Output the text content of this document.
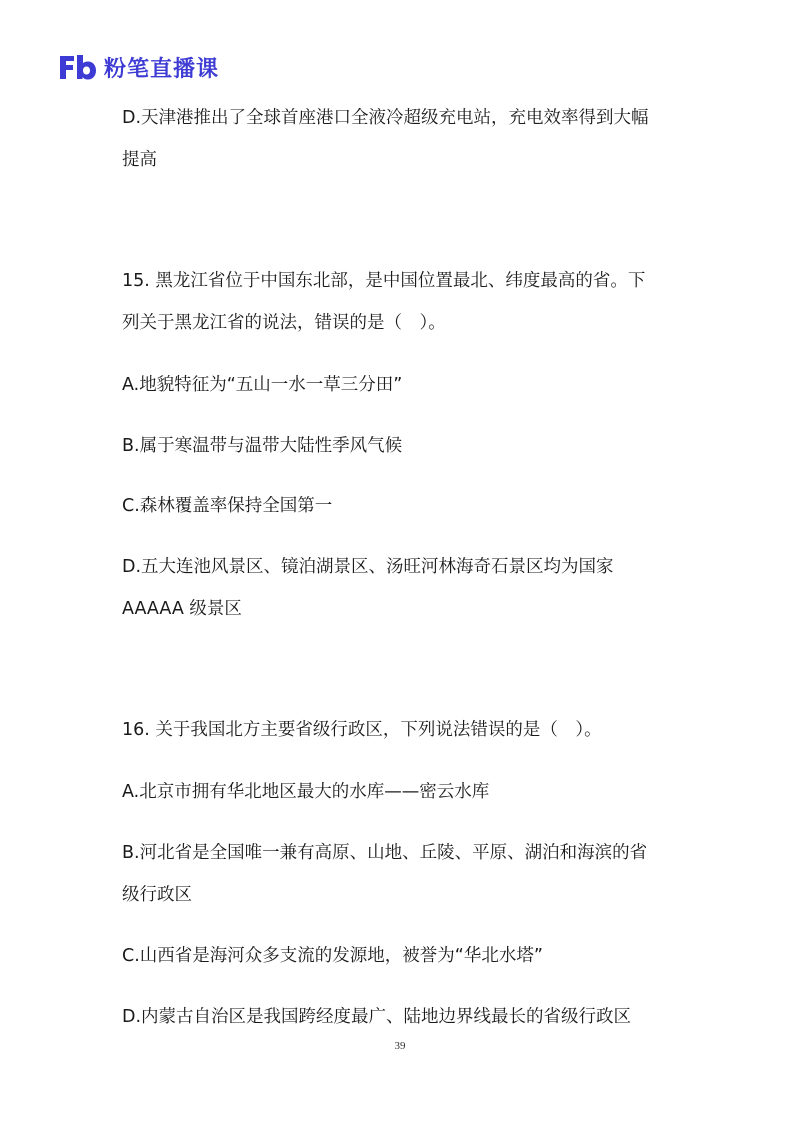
粉笔直播课
D.天津港推出了全球首座港口全液冷超级充电站，充电效率得到大幅
提高
15. 黑龙江省位于中国东北部，是中国位置最北、纬度最高的省。下
列关于黑龙江省的说法，错误的是（　）。
A.地貌特征为“五山一水一草三分田”
B.属于寒温带与温带大陆性季风气候
C.森林覆盖率保持全国第一
D.五大连池风景区、镜泊湖景区、汤旺河林海奇石景区均为国家
AAAAA 级景区
16. 关于我国北方主要省级行政区，下列说法错误的是（　）。
A.北京市拥有华北地区最大的水库——密云水库
B.河北省是全国唯一兼有高原、山地、丘陵、平原、湖泊和海滨的省
级行政区
C.山西省是海河众多支流的发源地，被誉为“华北水塔”
D.内蒙古自治区是我国跨经度最广、陆地边界线最长的省级行政区
39
